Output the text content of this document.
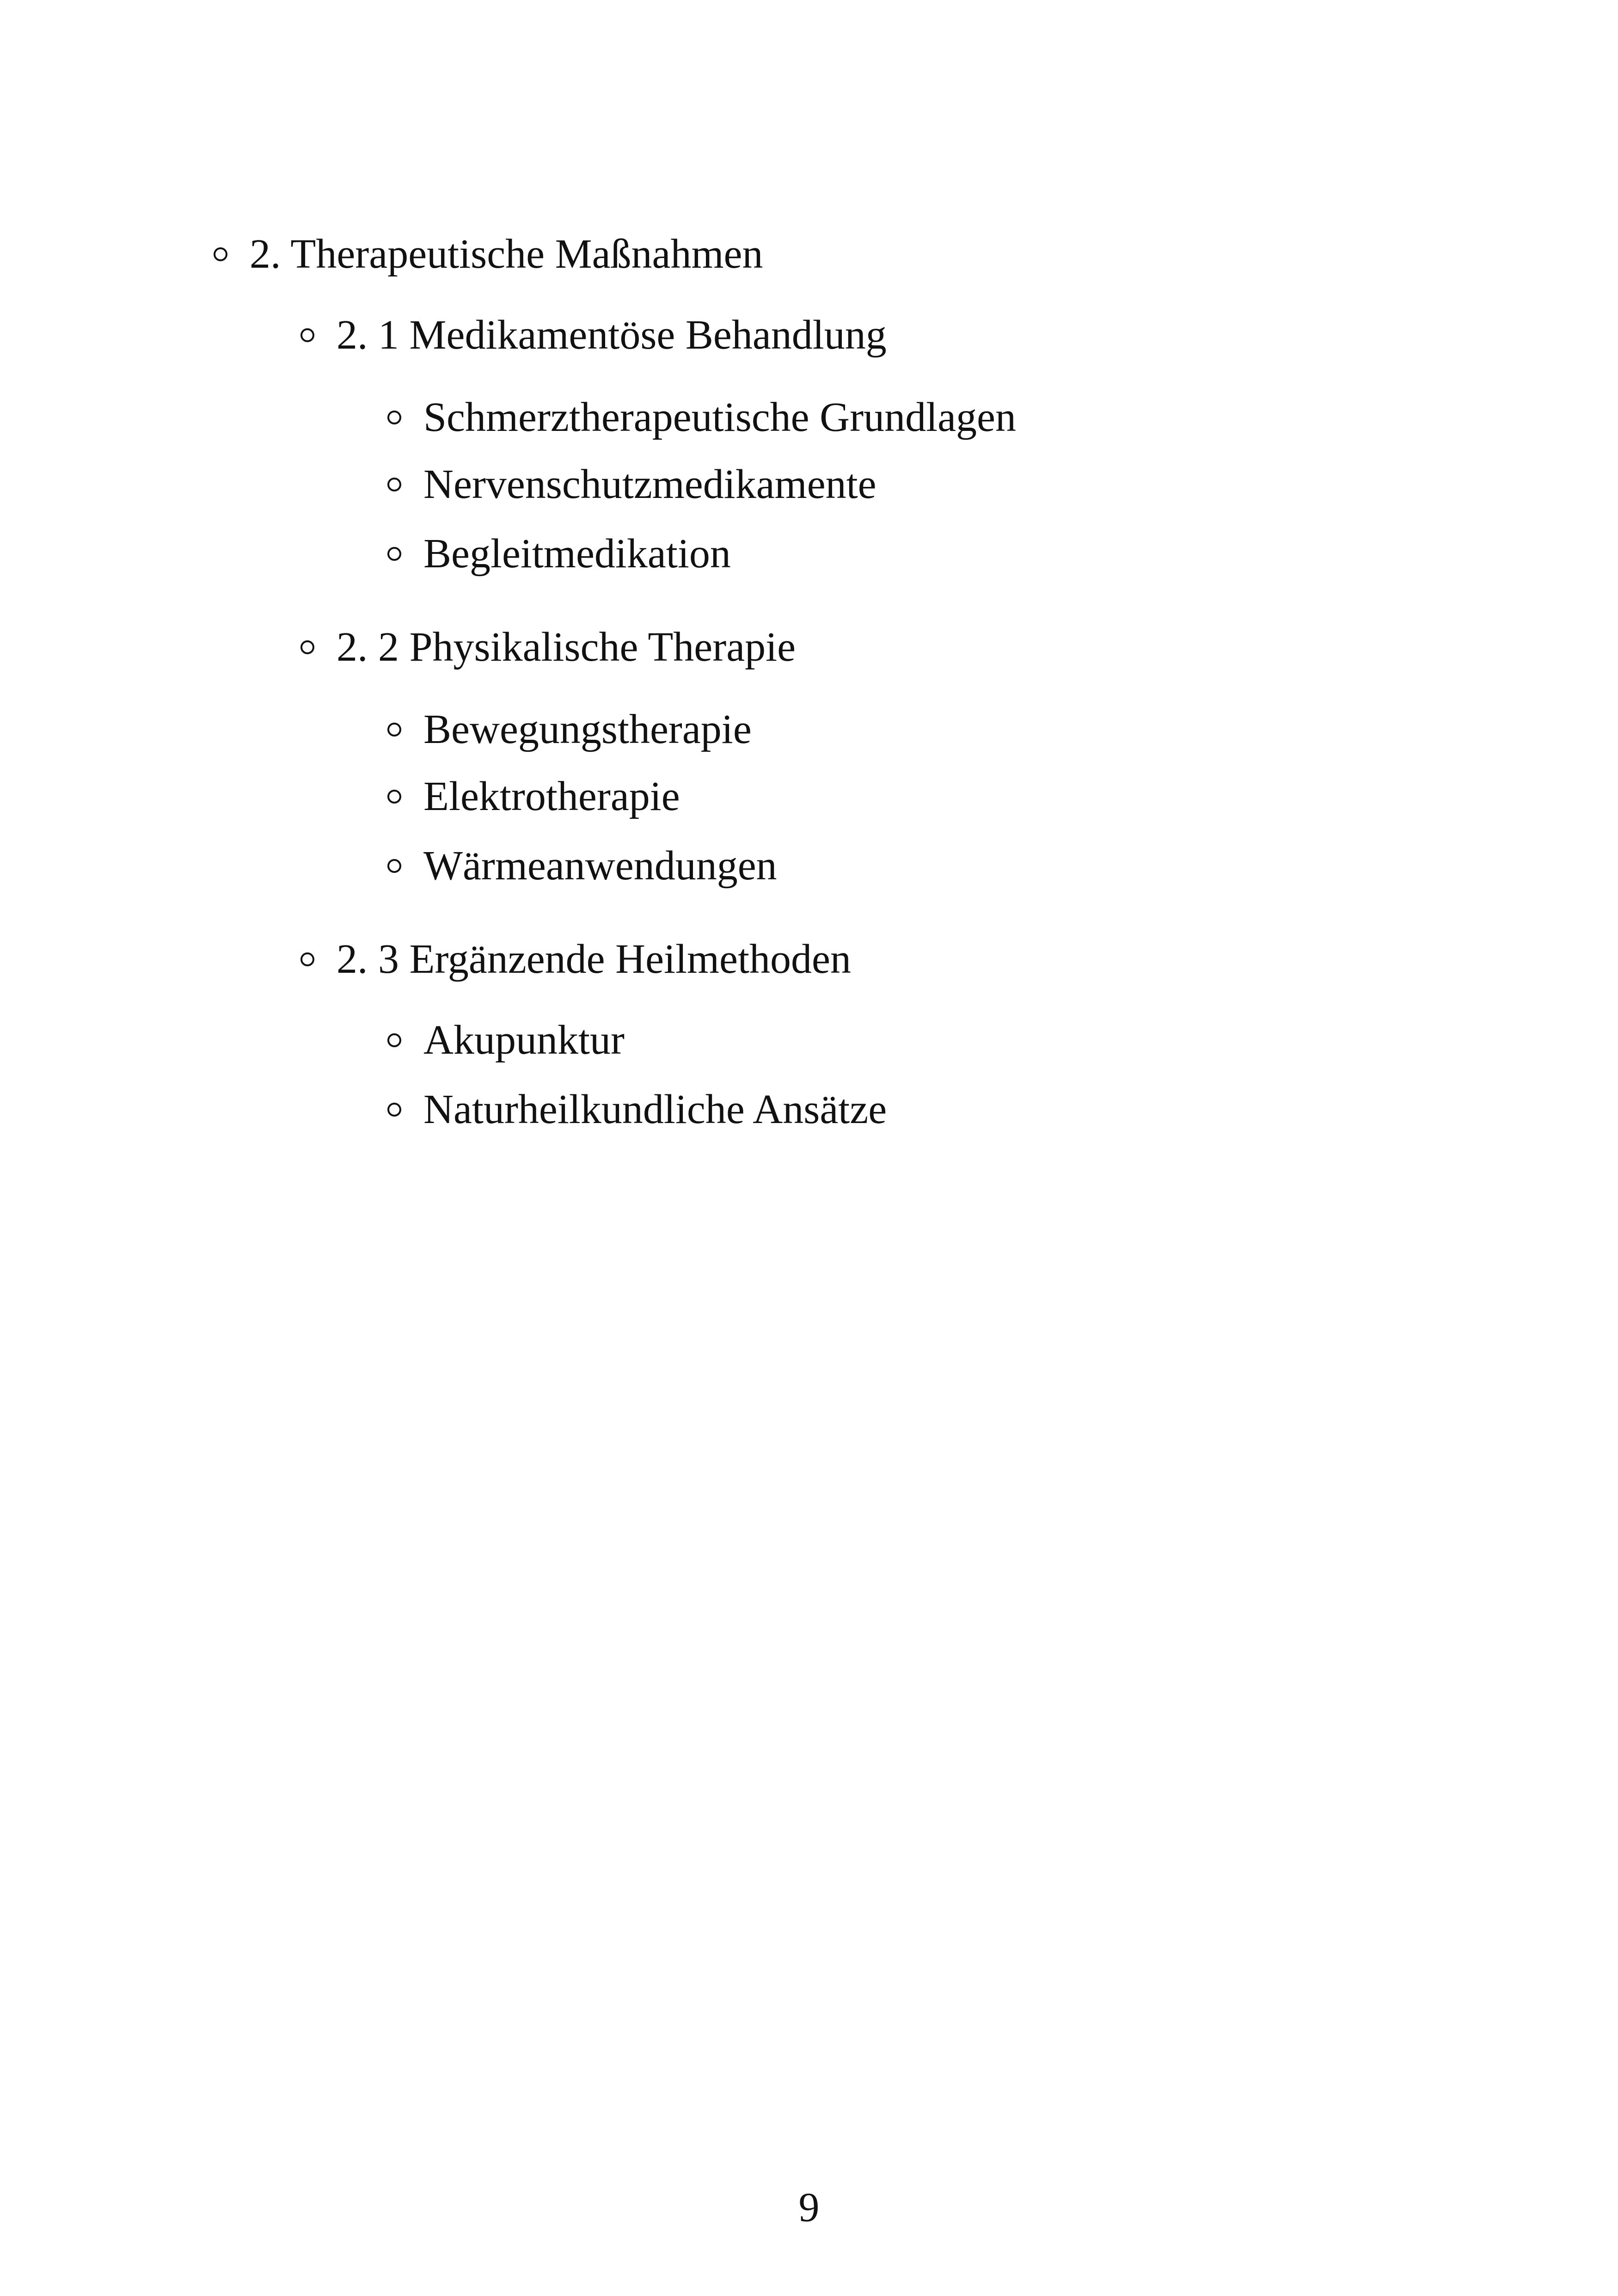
2. Therapeutische Maßnahmen
2. 1 Medikamentöse Behandlung
Schmerztherapeutische Grundlagen
Nervenschutzmedikamente
Begleitmedikation
2. 2 Physikalische Therapie
Bewegungstherapie
Elektrotherapie
Wärmeanwendungen
2. 3 Ergänzende Heilmethoden
Akupunktur
Naturheilkundliche Ansätze
9
